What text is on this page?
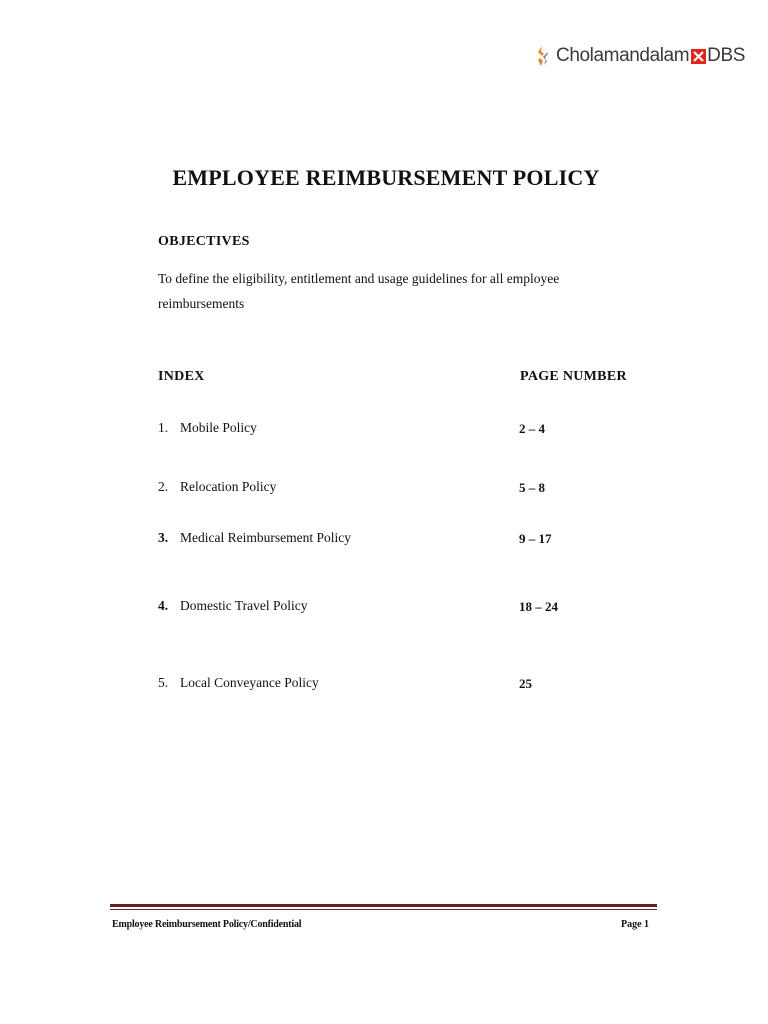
Cholamandalam DBS
EMPLOYEE REIMBURSEMENT POLICY
OBJECTIVES
To define the eligibility, entitlement and usage guidelines for all employee reimbursements
INDEX	PAGE NUMBER
1. Mobile Policy	2 – 4
2. Relocation Policy	5 – 8
3. Medical Reimbursement Policy	9 – 17
4. Domestic Travel Policy	18 – 24
5. Local Conveyance Policy	25
Employee Reimbursement Policy/Confidential	Page 1
